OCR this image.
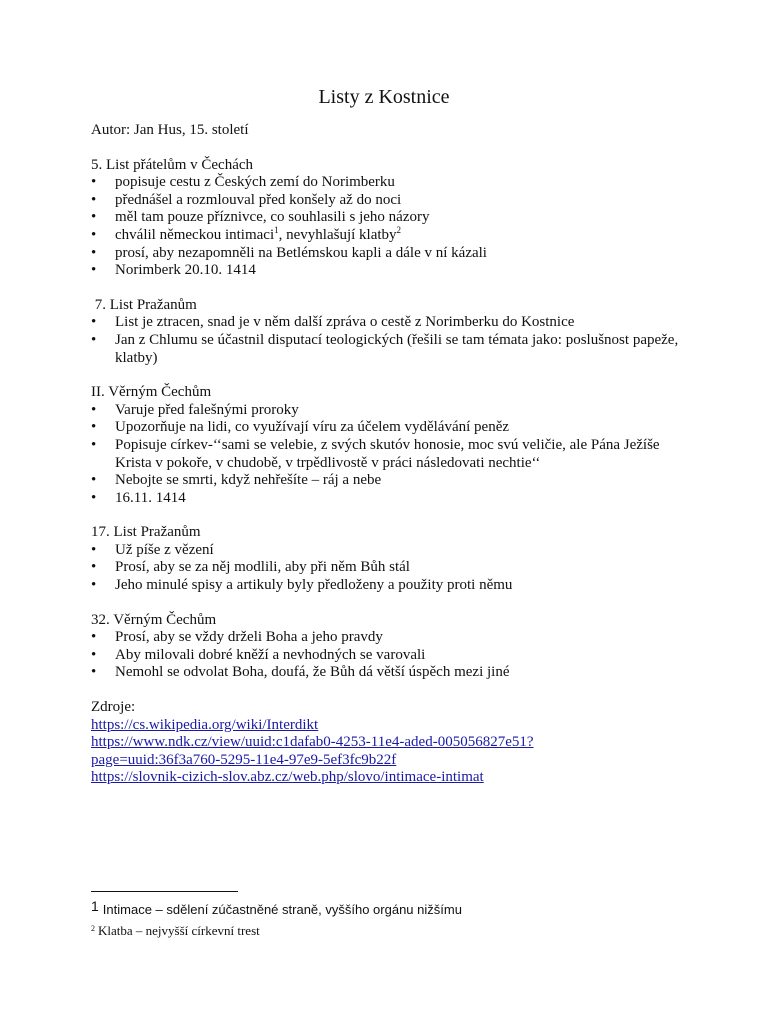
Listy z Kostnice

Autor: Jan Hus, 15. století

5. List přátelům v Čechách

• popisuje cestu z Českých zemí do Norimberku
• přednášel a rozmlouval před konšely až do noci
• měl tam pouze příznivce, co souhlasili s jeho názory
• chválil německou intimaci$^1$, nevyhlašují klatby$^2$
• prosí, aby nezapomněli na Betlémskou kapli a dále v ní kázali
• Norimberk 20.10. 1414

7. List Pražanům

• List je ztracen, snad je v něm další zpráva o cestě z Norimberku do Kostnice
• Jan z Chlumu se účastnil disputací teologických (řešili se tam témata jako: poslušnost papeže, klatby)

II. Věrným Čechům

• Varuje před falešnými proroky
• Upozorňuje na lidi, co využívají víru za účelem vydělávání peněz
• Popisuje církev-‘‘sami se velebie, z svých skutóv honosie, moc svú veličie, ale Pána Ježíše Krista v pokoře, v chudobě, v trpědlivostě v práci následovati nechtie‘‘
• Nebojte se smrti, když nehřešíte – ráj a nebe
• 16.11. 1414

17. List Pražanům

• Už píše z vězení
• Prosí, aby se za něj modlili, aby při něm Bůh stál
• Jeho minulé spisy a artikuly byly předloženy a použity proti němu

32. Věrným Čechům

• Prosí, aby se vždy drželi Boha a jeho pravdy
• Aby milovali dobré kněží a nevhodných se varovali
• Nemohl se odvolat Boha, doufá, že Bůh dá větší úspěch mezi jiné

Zdroje:

https://cs.wikipedia.org/wiki/Interdikt
https://www.ndk.cz/view/uuid:c1dafab0-4253-11e4-aded-005056827e51?
page=uuid:36f3a760-5295-11e4-97e9-5ef3fc9b22f
https://slovnik-cizich-slov.abz.cz/web.php/slovo/intimace-intimat
1 Intimace – sdělení zúčastněné straně, vyššího orgánu nižšímu
$^2$ Klatba – nejvyšší církevní trest
